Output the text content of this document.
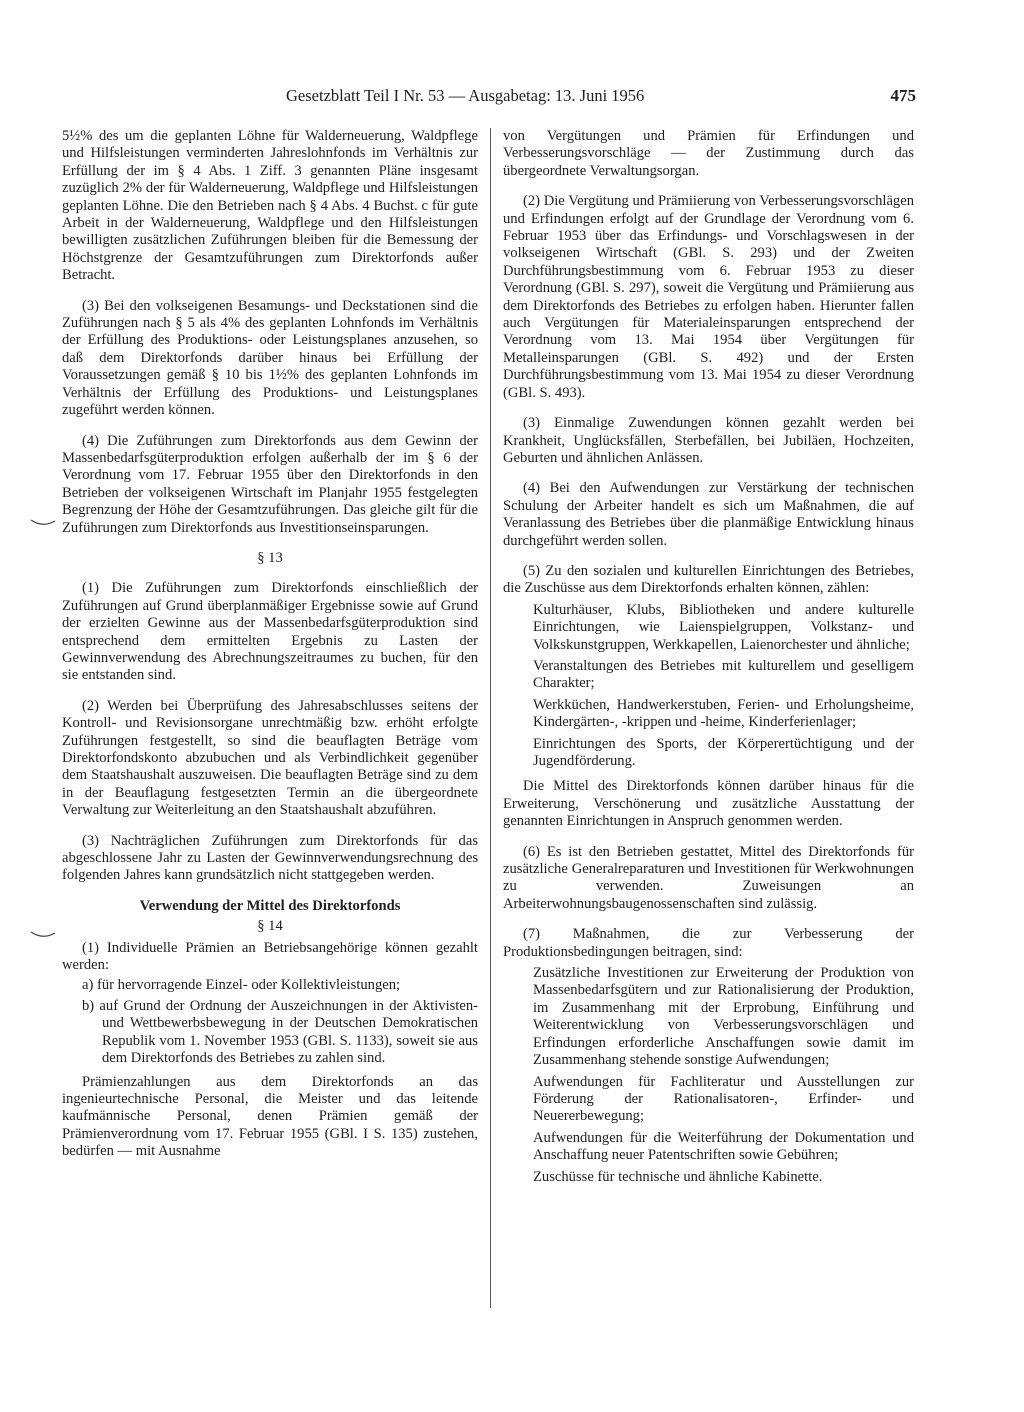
Gesetzblatt Teil I Nr. 53 — Ausgabetag: 13. Juni 1956	475

5½% des um die geplanten Löhne für Walderneuerung, Waldpflege und Hilfsleistungen verminderten Jahreslohnfonds im Verhältnis zur Erfüllung der im § 4 Abs. 1 Ziff. 3 genannten Pläne insgesamt zuzüglich 2% der für Walderneuerung, Waldpflege und Hilfsleistungen geplanten Löhne. Die den Betrieben nach § 4 Abs. 4 Buchst. c für gute Arbeit in der Walderneuerung, Waldpflege und den Hilfsleistungen bewilligten zusätzlichen Zuführungen bleiben für die Bemessung der Höchstgrenze der Gesamtzuführungen zum Direktorfonds außer Betracht.

(3) Bei den volkseigenen Besamungs- und Deckstationen sind die Zuführungen nach § 5 als 4% des geplanten Lohnfonds im Verhältnis der Erfüllung des Produktions- oder Leistungsplanes anzusehen, so daß dem Direktorfonds darüber hinaus bei Erfüllung der Voraussetzungen gemäß § 10 bis 1½% des geplanten Lohnfonds im Verhältnis der Erfüllung des Produktions- und Leistungsplanes zugeführt werden können.

(4) Die Zuführungen zum Direktorfonds aus dem Gewinn der Massenbedarfsgüterproduktion erfolgen außerhalb der im § 6 der Verordnung vom 17. Februar 1955 über den Direktorfonds in den Betrieben der volkseigenen Wirtschaft im Planjahr 1955 festgelegten Begrenzung der Höhe der Gesamtzuführungen. Das gleiche gilt für die Zuführungen zum Direktorfonds aus Investitionseinsparungen.

§ 13

(1) Die Zuführungen zum Direktorfonds einschließlich der Zuführungen auf Grund überplanmäßiger Ergebnisse sowie auf Grund der erzielten Gewinne aus der Massenbedarfsgüterproduktion sind entsprechend dem ermittelten Ergebnis zu Lasten der Gewinnverwendung des Abrechnungszeitraumes zu buchen, für den sie entstanden sind.

(2) Werden bei Überprüfung des Jahresabschlusses seitens der Kontroll- und Revisionsorgane unrechtmäßig bzw. erhöht erfolgte Zuführungen festgestellt, so sind die beauflagten Beträge vom Direktorfondskonto abzubuchen und als Verbindlichkeit gegenüber dem Staatshaushalt auszuweisen. Die beauflagten Beträge sind zu dem in der Beauflagung festgesetzten Termin an die übergeordnete Verwaltung zur Weiterleitung an den Staatshaushalt abzuführen.

(3) Nachträglichen Zuführungen zum Direktorfonds für das abgeschlossene Jahr zu Lasten der Gewinnverwendungsrechnung des folgenden Jahres kann grundsätzlich nicht stattgegeben werden.

Verwendung der Mittel des Direktorfonds

§ 14

(1) Individuelle Prämien an Betriebsangehörige können gezahlt werden:

a) für hervorragende Einzel- oder Kollektivleistungen;

b) auf Grund der Ordnung der Auszeichnungen in der Aktivisten- und Wettbewerbsbewegung in der Deutschen Demokratischen Republik vom 1. November 1953 (GBl. S. 1133), soweit sie aus dem Direktorfonds des Betriebes zu zahlen sind.

Prämienzahlungen aus dem Direktorfonds an das ingenieurtechnische Personal, die Meister und das leitende kaufmännische Personal, denen Prämien gemäß der Prämienverordnung vom 17. Februar 1955 (GBl. I S. 135) zustehen, bedürfen — mit Ausnahme

von Vergütungen und Prämien für Erfindungen und Verbesserungsvorschläge — der Zustimmung durch das übergeordnete Verwaltungsorgan.

(2) Die Vergütung und Prämiierung von Verbesserungsvorschlägen und Erfindungen erfolgt auf der Grundlage der Verordnung vom 6. Februar 1953 über das Erfindungs- und Vorschlagswesen in der volkseigenen Wirtschaft (GBl. S. 293) und der Zweiten Durchführungsbestimmung vom 6. Februar 1953 zu dieser Verordnung (GBl. S. 297), soweit die Vergütung und Prämiierung aus dem Direktorfonds des Betriebes zu erfolgen haben. Hierunter fallen auch Vergütungen für Materialeinsparungen entsprechend der Verordnung vom 13. Mai 1954 über Vergütungen für Metalleinsparungen (GBl. S. 492) und der Ersten Durchführungsbestimmung vom 13. Mai 1954 zu dieser Verordnung (GBl. S. 493).

(3) Einmalige Zuwendungen können gezahlt werden bei Krankheit, Unglücksfällen, Sterbefällen, bei Jubiläen, Hochzeiten, Geburten und ähnlichen Anlässen.

(4) Bei den Aufwendungen zur Verstärkung der technischen Schulung der Arbeiter handelt es sich um Maßnahmen, die auf Veranlassung des Betriebes über die planmäßige Entwicklung hinaus durchgeführt werden sollen.

(5) Zu den sozialen und kulturellen Einrichtungen des Betriebes, die Zuschüsse aus dem Direktorfonds erhalten können, zählen:

Kulturhäuser, Klubs, Bibliotheken und andere kulturelle Einrichtungen, wie Laienspielgruppen, Volkstanz- und Volkskunstgruppen, Werkkapellen, Laienorchester und ähnliche;

Veranstaltungen des Betriebes mit kulturellem und geselligem Charakter;

Werkküchen, Handwerkerstuben, Ferien- und Erholungsheime, Kindergärten-, -krippen und -heime, Kinderferienlager;

Einrichtungen des Sports, der Körperertüchtigung und der Jugendförderung.

Die Mittel des Direktorfonds können darüber hinaus für die Erweiterung, Verschönerung und zusätzliche Ausstattung der genannten Einrichtungen in Anspruch genommen werden.

(6) Es ist den Betrieben gestattet, Mittel des Direktorfonds für zusätzliche Generalreparaturen und Investitionen für Werkwohnungen zu verwenden. Zuweisungen an Arbeiterwohnungsbaugenossenschaften sind zulässig.

(7) Maßnahmen, die zur Verbesserung der Produktionsbedingungen beitragen, sind:

Zusätzliche Investitionen zur Erweiterung der Produktion von Massenbedarfsgütern und zur Rationalisierung der Produktion, im Zusammenhang mit der Erprobung, Einführung und Weiterentwicklung von Verbesserungsvorschlägen und Erfindungen erforderliche Anschaffungen sowie damit im Zusammenhang stehende sonstige Aufwendungen;

Aufwendungen für Fachliteratur und Ausstellungen zur Förderung der Rationalisatoren-, Erfinder- und Neuererbewegung;

Aufwendungen für die Weiterführung der Dokumentation und Anschaffung neuer Patentschriften sowie Gebühren;

Zuschüsse für technische und ähnliche Kabinette.
